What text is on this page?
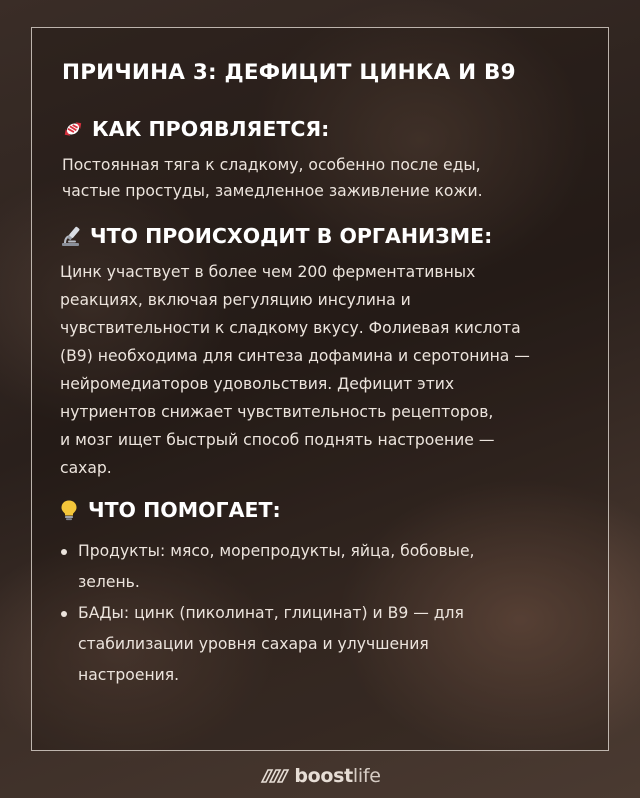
ПРИЧИНА 3: ДЕФИЦИТ ЦИНКА И В9
КАК ПРОЯВЛЯЕТСЯ:

Постоянная тяга к сладкому, особенно после еды,

частые простуды, замедленное заживление кожи.

ЧТО ПРОИСХОДИТ В ОРГАНИЗМЕ:

Цинк участвует в более чем 200 ферментативных

реакциях, включая регуляцию инсулина и

чувствительности к сладкому вкусу. Фолиевая кислота

(В9) необходима для синтеза дофамина и серотонина —

нейромедиаторов удовольствия. Дефицит этих

нутриентов снижает чувствительность рецепторов,

и мозг ищет быстрый способ поднять настроение —

сахар.

ЧТО ПОМОГАЕТ:
Продукты: мясо, морепродукты, яйца, бобовые,
зелень.
БАДы: цинк (пиколинат, глицинат) и В9 — для
стабилизации уровня сахара и улучшения
настроения.
boostlife
